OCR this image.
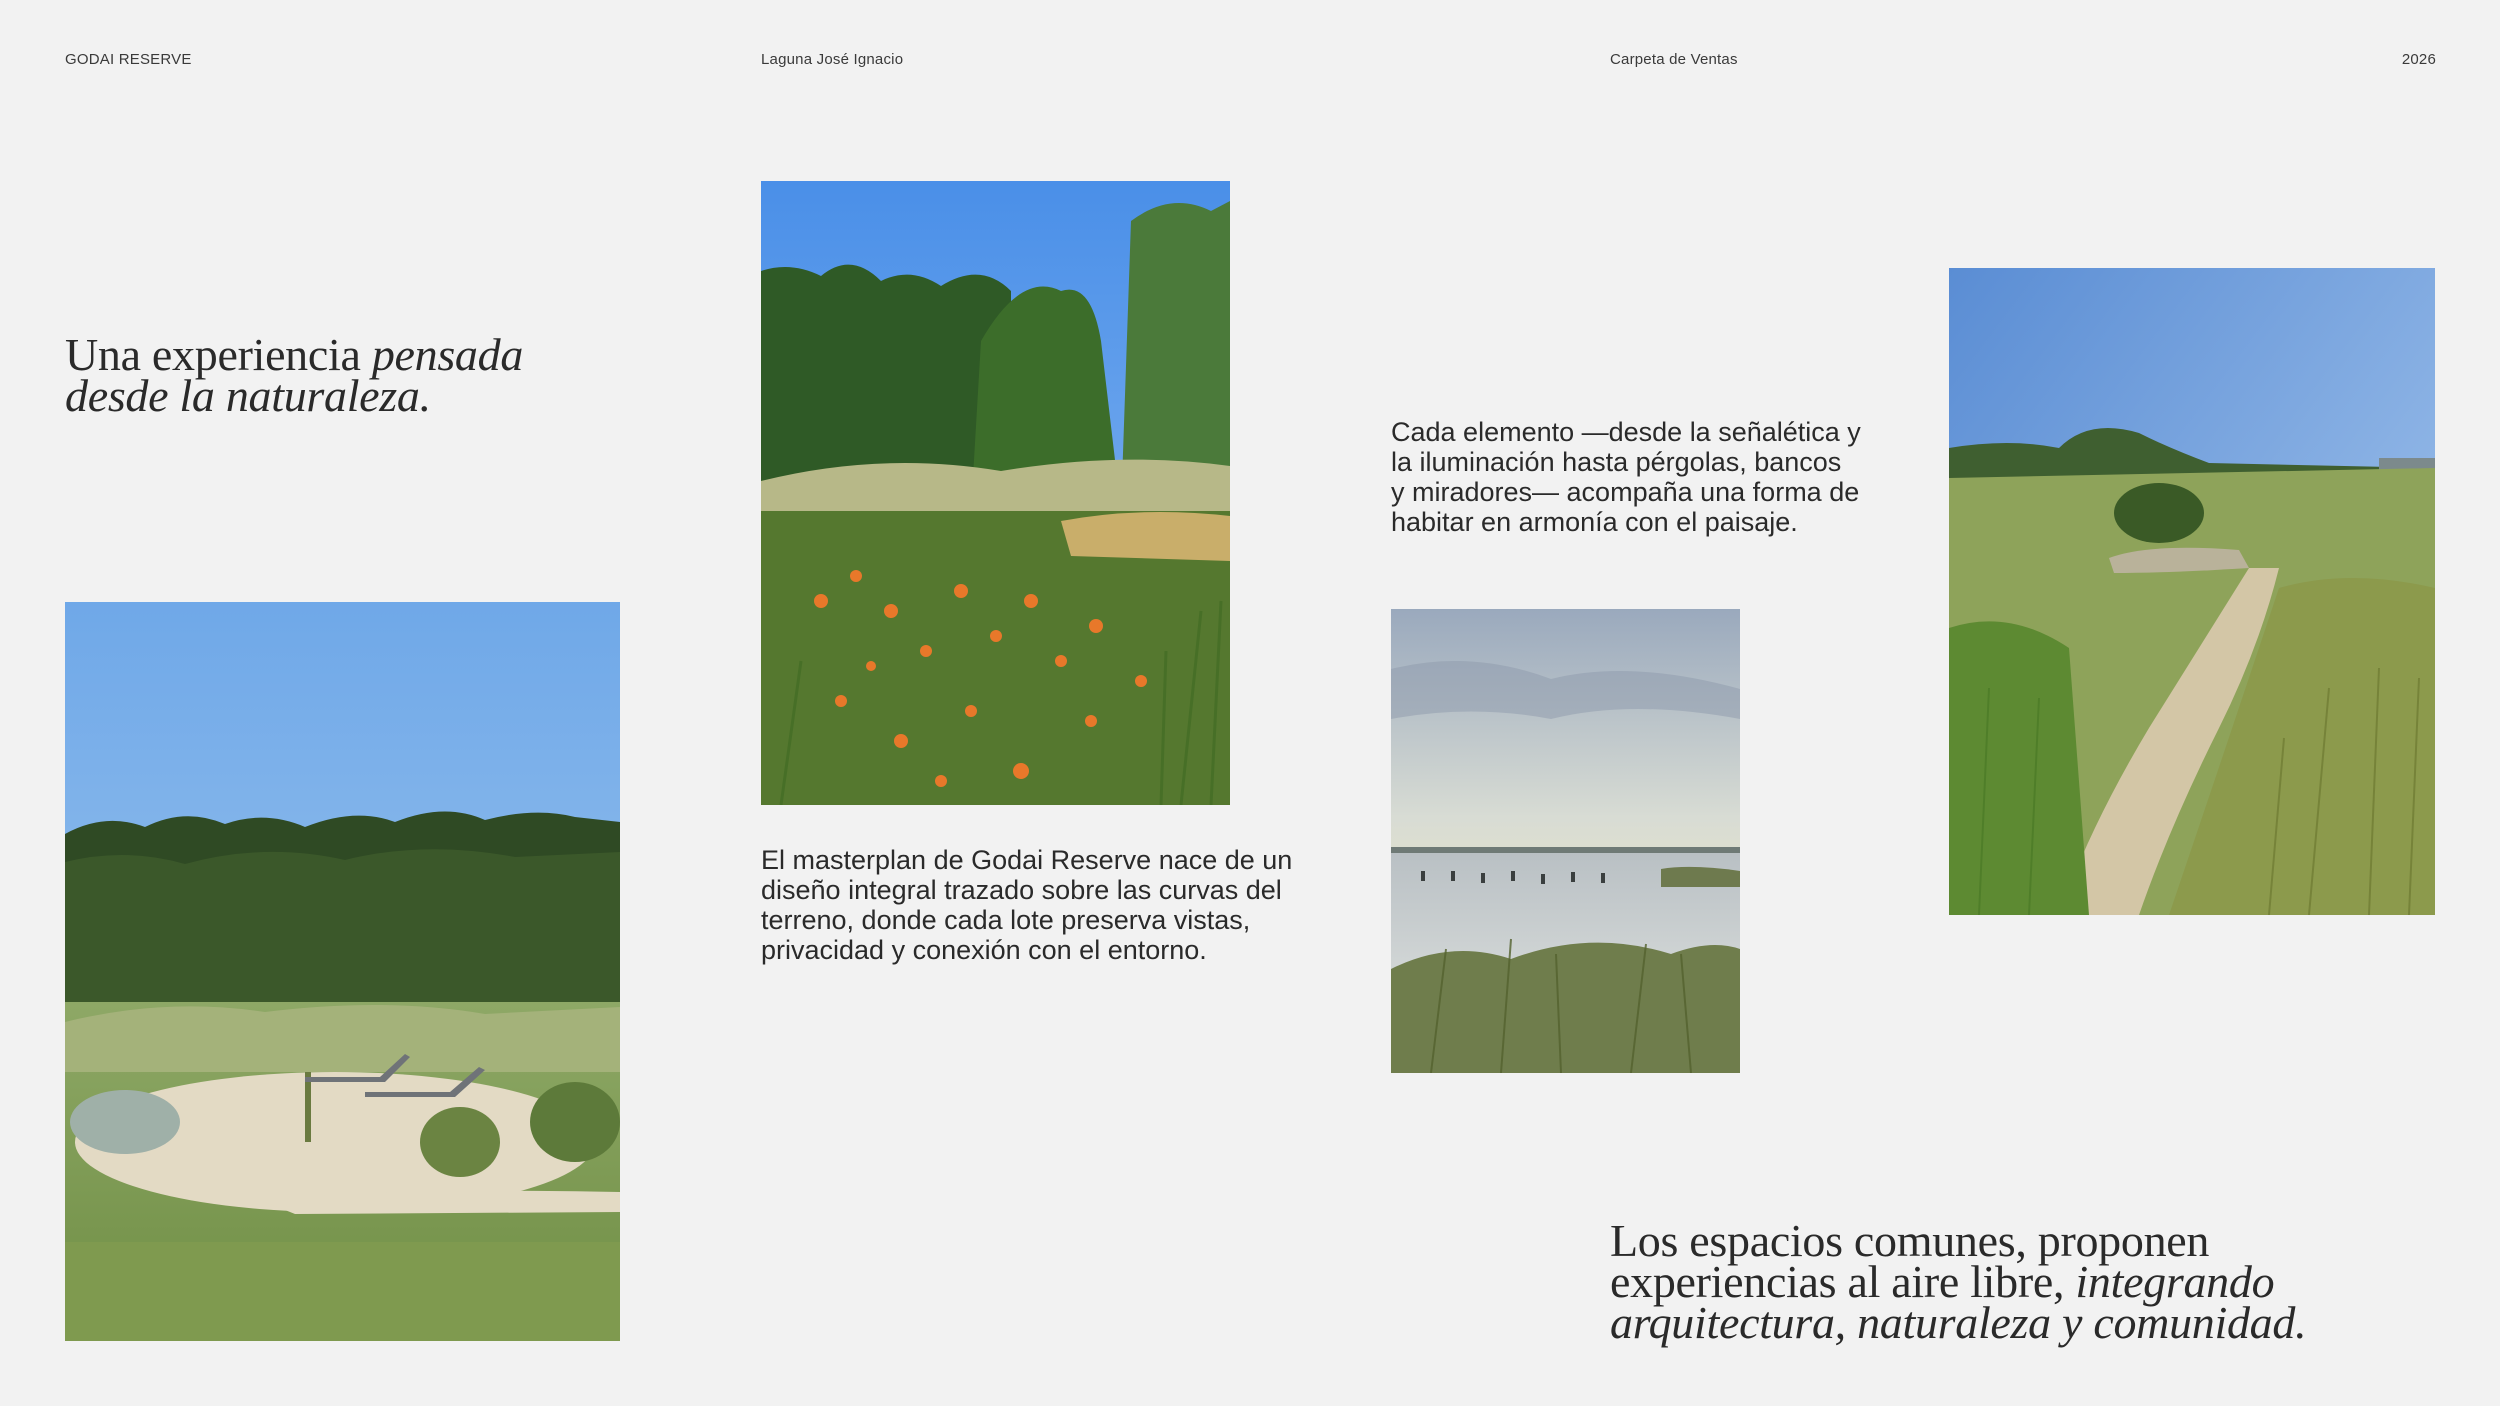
GODAI RESERVE	Laguna José Ignacio	Carpeta de Ventas	2026
Una experiencia pensada
desde la naturaleza.
El masterplan de Godai Reserve nace de un
diseño integral trazado sobre las curvas del
terreno, donde cada lote preserva vistas,
privacidad y conexión con el entorno.
Cada elemento —desde la señalética y
la iluminación hasta pérgolas, bancos
y miradores— acompaña una forma de
habitar en armonía con el paisaje.
Los espacios comunes, proponen
experiencias al aire libre, integrando
arquitectura, naturaleza y comunidad.
